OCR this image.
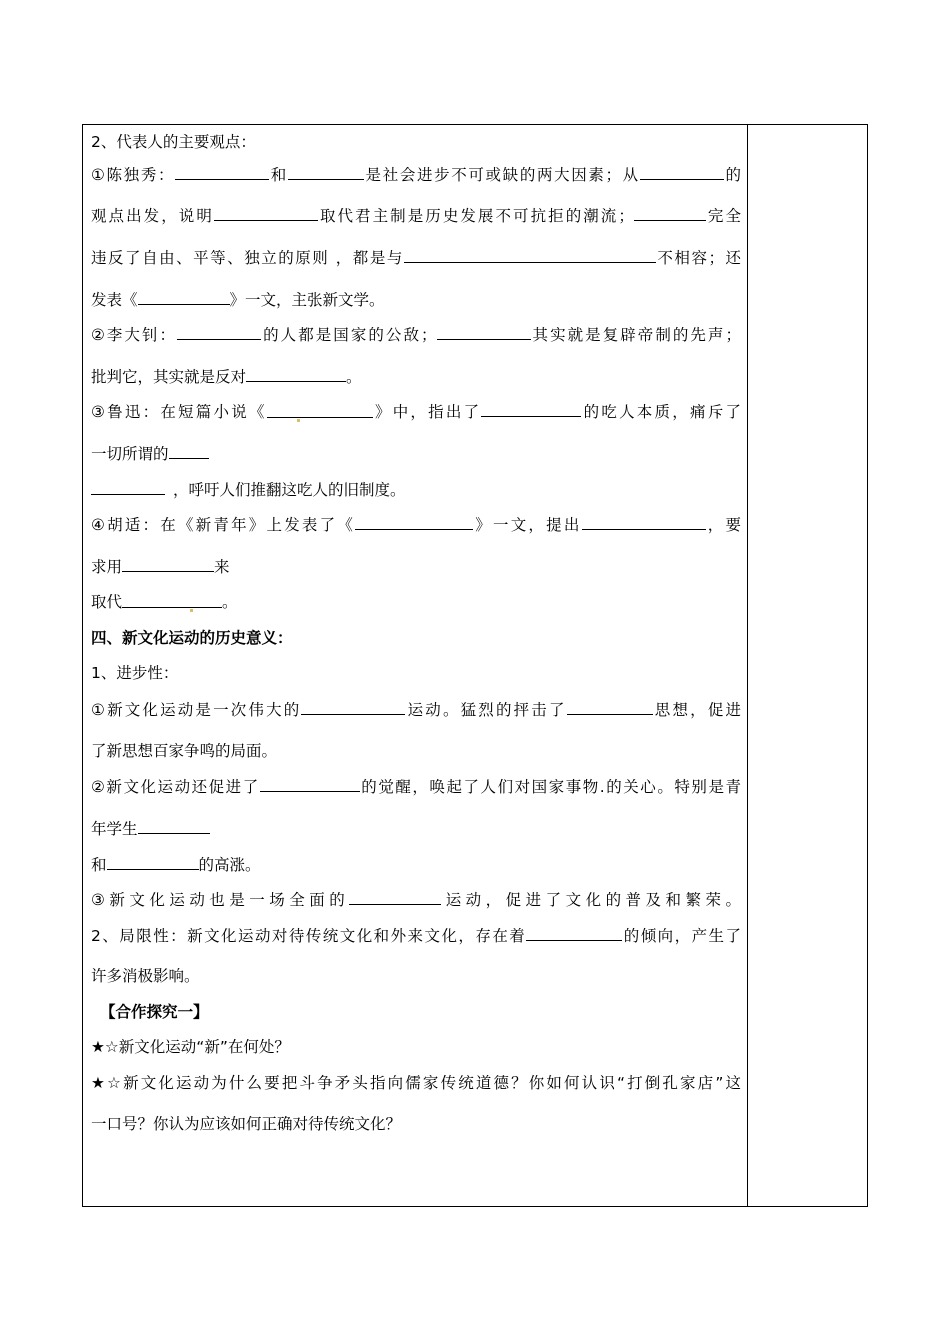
2、代表人的主要观点：
①陈独秀：	和	是社会进步不可或缺的两大因素；从	的
观点出发，说明	取代君主制是历史发展不可抗拒的潮流；	完全
违反了自由、平等、独立的原则 ，都是与	不相容；还
发表《	》一文，主张新文学。
②李大钊：	的人都是国家的公敌；	其实就是复辟帝制的先声；
批判它，其实就是反对	。
③鲁迅：在短篇小说《	》中，指出了	的吃人本质，痛斥了
一切所谓的
，呼吁人们推翻这吃人的旧制度。
④胡适：在《新青年》上发表了《	》一文，提出	，要
求用	来
取代	。
四、新文化运动的历史意义：
1、进步性：
①新文化运动是一次伟大的	运动。猛烈的抨击了	思想，促进
了新思想百家争鸣的局面。
②新文化运动还促进了	的觉醒，唤起了人们对国家事物.的关心。特别是青
年学生
和	的高涨。
③新文化运动也是一场全面的	运动，促进了文化的普及和繁荣。
2、局限性：新文化运动对待传统文化和外来文化，存在着	的倾向，产生了
许多消极影响。
【合作探究一】
★☆新文化运动“新”在何处？
★☆新文化运动为什么要把斗争矛头指向儒家传统道德？你如何认识“打倒孔家店”这
一口号？你认为应该如何正确对待传统文化？
